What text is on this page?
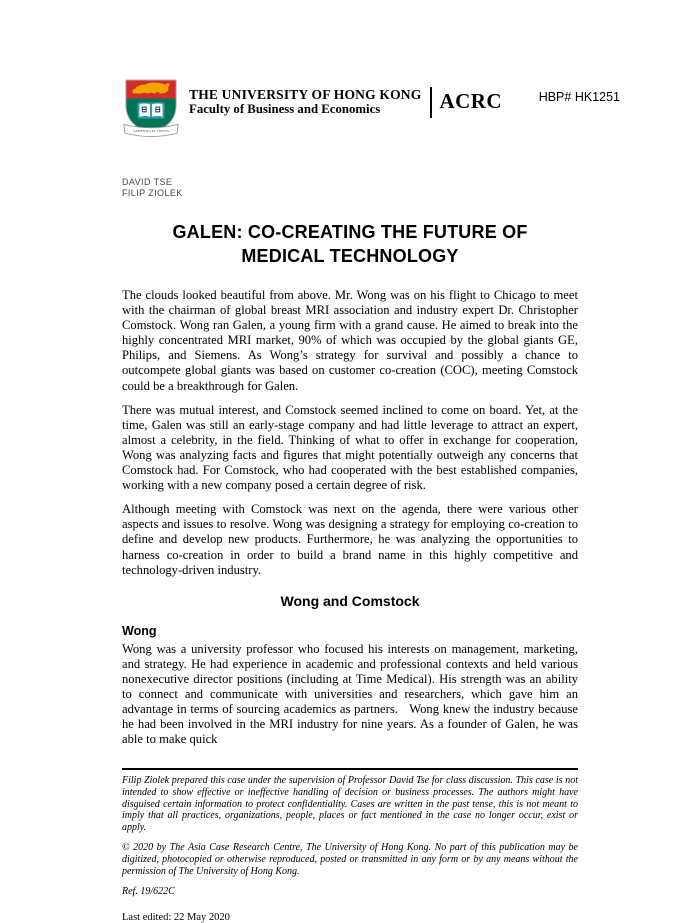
SAPIENTIA ET VIRTUS
THE UNIVERSITY OF HONG KONG
Faculty of Business and Economics	ACRC	HBP# HK1251
DAVID TSE
FILIP ZIOLEK
GALEN: CO-CREATING THE FUTURE OF MEDICAL TECHNOLOGY

The clouds looked beautiful from above. Mr. Wong was on his flight to Chicago to meet with the chairman of global breast MRI association and industry expert Dr. Christopher Comstock. Wong ran Galen, a young firm with a grand cause. He aimed to break into the highly concentrated MRI market, 90% of which was occupied by the global giants GE, Philips, and Siemens. As Wong’s strategy for survival and possibly a chance to outcompete global giants was based on customer co-creation (COC), meeting Comstock could be a breakthrough for Galen.

There was mutual interest, and Comstock seemed inclined to come on board. Yet, at the time, Galen was still an early-stage company and had little leverage to attract an expert, almost a celebrity, in the field. Thinking of what to offer in exchange for cooperation, Wong was analyzing facts and figures that might potentially outweigh any concerns that Comstock had. For Comstock, who had cooperated with the best established companies, working with a new company posed a certain degree of risk.

Although meeting with Comstock was next on the agenda, there were various other aspects and issues to resolve. Wong was designing a strategy for employing co-creation to define and develop new products. Furthermore, he was analyzing the opportunities to harness co-creation in order to build a brand name in this highly competitive and technology-driven industry.

Wong and Comstock
Wong

Wong was a university professor who focused his interests on management, marketing, and strategy. He had experience in academic and professional contexts and held various nonexecutive director positions (including at Time Medical). His strength was an ability to connect and communicate with universities and researchers, which gave him an advantage in terms of sourcing academics as partners.   Wong knew the industry because he had been involved in the MRI industry for nine years. As a founder of Galen, he was able to make quick

Filip Ziolek prepared this case under the supervision of Professor David Tse for class discussion. This case is not intended to show effective or ineffective handling of decision or business processes. The authors might have disguised certain information to protect confidentiality. Cases are written in the past tense, this is not meant to imply that all practices, organizations, people, places or fact mentioned in the case no longer occur, exist or apply.

© 2020 by The Asia Case Research Centre, The University of Hong Kong. No part of this publication may be digitized, photocopied or otherwise reproduced, posted or transmitted in any form or by any means without the permission of The University of Hong Kong.

Ref. 19/622C
Last edited: 22 May 2020
